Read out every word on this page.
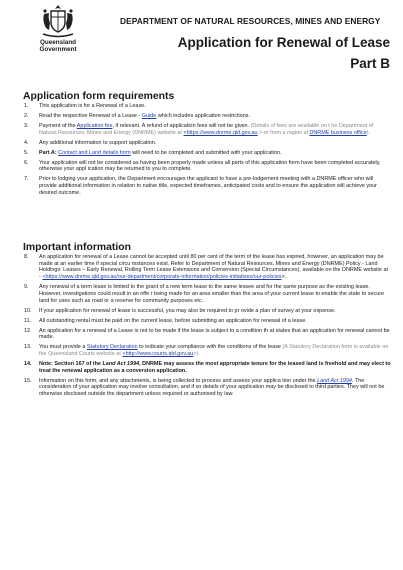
Queensland
Government
DEPARTMENT OF NATURAL RESOURCES, MINES AND ENERGY
Application for Renewal of Lease
Part B
Application form requirements
1. This application is for a Renewal of a Lease.
2. Read the respective Renewal of a Lease - Guide which includes application restrictions.
3. Payment of the Application fee, if relevant. A refund of application fees will not be given. (Details of fees are available on t he Department of Natural Resources, Mines and Energy (DNRME) website at <https://www.dnrme.qld.gov.au > or from a region al DNRME business office).
4. Any additional information to support application.
5. Part A: Contact and Land details form will need to be completed and submitted with your application.
6. Your application will not be considered as having been properly made unless all parts of this application form have been completed accurately, otherwise your appl ication may be returned to you to complete.
7. Prior to lodging your application, the Department encourages the applicant to have a pre-lodgement meeting with a DNRME officer who will provide additional information in relation to native title, expected timeframes, anticipated costs and to ensure the application will achieve your desired outcome.
Important information
8. An application for renewal of a Lease cannot be accepted until 80 per cent of the term of the lease has expired, however, an application may be made at an earlier time if special circu mstances exist. Refer to Department of Natural Resources, Mines and Energy (DNRME) Policy - Land Holdings: Leases – Early Renewal, Rolling Term Lease Extensions and Conversion (Special Circumstances), available on the DNRME website at - <https://www.dnrme.qld.gov.au/our-department/corporate-information/policies-initiatives/our-policies>.
9. Any renewal of a term lease is limited to the grant of a new term lease to the same lessee and for the same purpose as the existing lease. However, investigations could result in an offe r being made for an area smaller than the area of your current lease to enable the state to secure land for uses such as road or a reserve for community purposes etc.
10. If your application for renewal of lease is successful, you may also be required to pr ovide a plan of survey at your expense.
11. All outstanding rental must be paid on the current lease, before submitting an application for renewal of a lease.
12. An application for a renewal of a Lease is not to be made if the lease is subject to a condition th at states that an application for renewal cannot be made.
13. You must provide a Statutory Declaration to indicate your compliance with the conditions of the lease (A Statutory Declaration form is available on the Queensland Courts website at <http://www.courts.qld.gov.au>).
14. Note: Section 167 of the Land Act 1994, DNRME may assess the most appropriate tenure for the leased land is freehold and may elect to treat the renewal application as a conversion application.
15. Information on this form, and any attachments, is being collected to process and assess your applica tion under the Land Act 1994. The consideration of your application may involve consultation, and if so details of your application may be disclosed to third parties. They will not be otherwise disclosed outside the department unless required or authorised by law.
